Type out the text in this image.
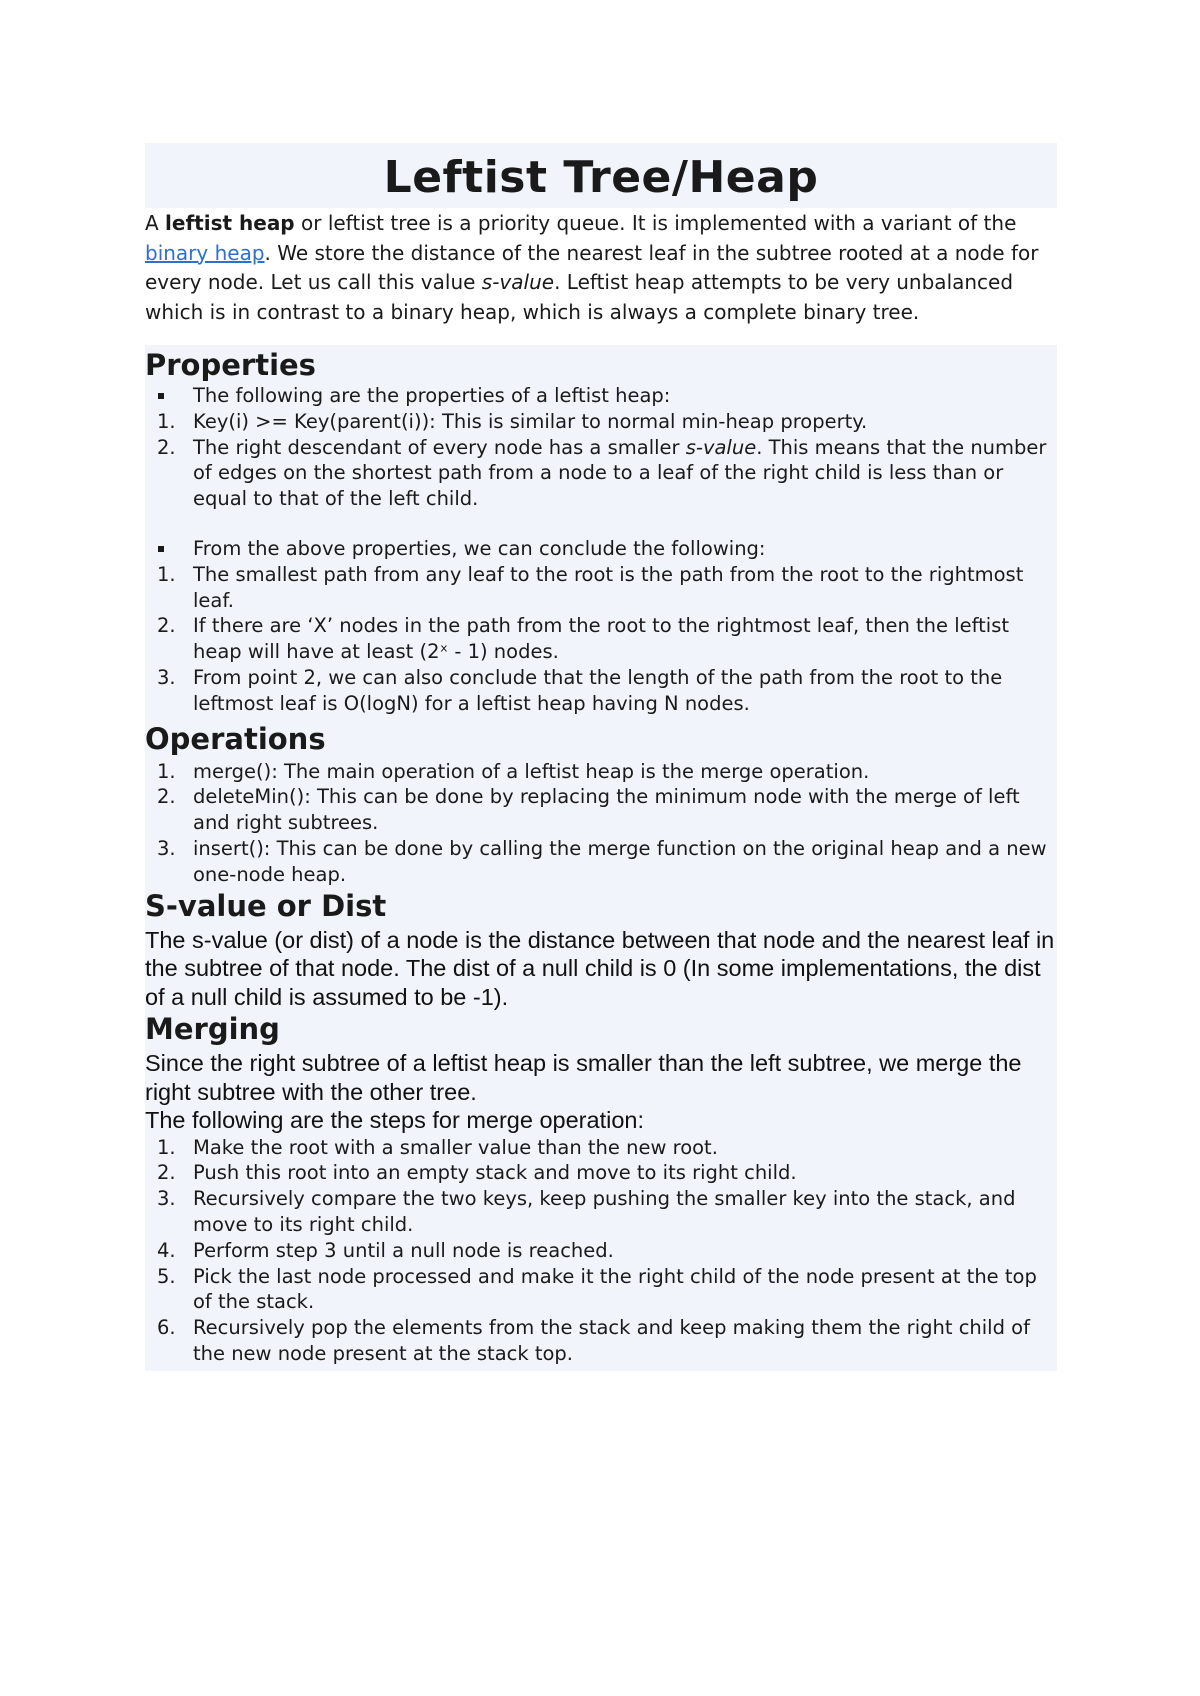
Leftist Tree/Heap

A leftist heap or leftist tree is a priority queue. It is implemented with a variant of the binary heap. We store the distance of the nearest leaf in the subtree rooted at a node for every node. Let us call this value s-value. Leftist heap attempts to be very unbalanced which is in contrast to a binary heap, which is always a complete binary tree.

Properties
The following are the properties of a leftist heap:
1. Key(i) >= Key(parent(i)): This is similar to normal min-heap property.
2. The right descendant of every node has a smaller s-value. This means that the number of edges on the shortest path from a node to a leaf of the right child is less than or equal to that of the left child.
From the above properties, we can conclude the following:
1. The smallest path from any leaf to the root is the path from the root to the rightmost leaf.
2. If there are ‘X’ nodes in the path from the root to the rightmost leaf, then the leftist heap will have at least (2ˣ - 1) nodes.
3. From point 2, we can also conclude that the length of the path from the root to the leftmost leaf is O(logN) for a leftist heap having N nodes.
Operations
1. merge(): The main operation of a leftist heap is the merge operation.
2. deleteMin(): This can be done by replacing the minimum node with the merge of left and right subtrees.
3. insert(): This can be done by calling the merge function on the original heap and a new one-node heap.
S-value or Dist

The s-value (or dist) of a node is the distance between that node and the nearest leaf in the subtree of that node. The dist of a null child is 0 (In some implementations, the dist of a null child is assumed to be -1).

Merging

Since the right subtree of a leftist heap is smaller than the left subtree, we merge the right subtree with the other tree.

The following are the steps for merge operation:

1. Make the root with a smaller value than the new root.
2. Push this root into an empty stack and move to its right child.
3. Recursively compare the two keys, keep pushing the smaller key into the stack, and move to its right child.
4. Perform step 3 until a null node is reached.
5. Pick the last node processed and make it the right child of the node present at the top of the stack.
6. Recursively pop the elements from the stack and keep making them the right child of the new node present at the stack top.
